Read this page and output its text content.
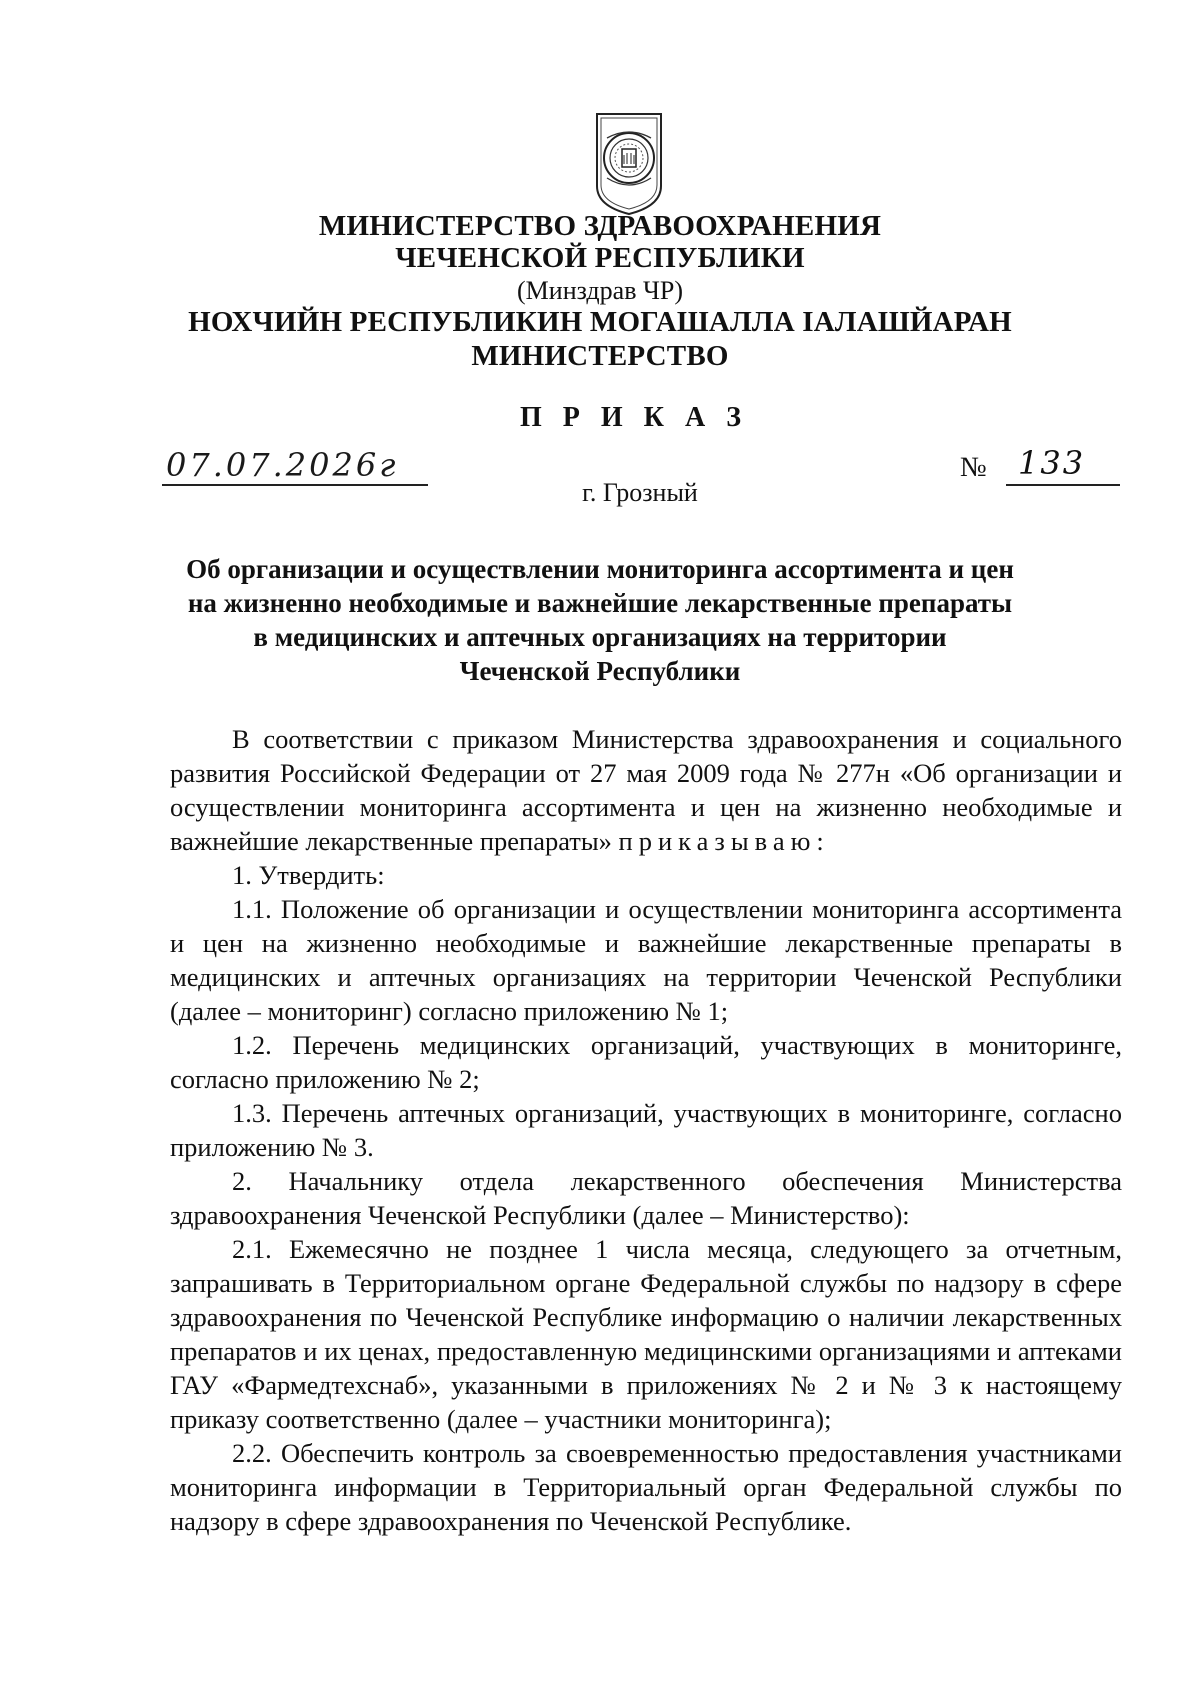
МИНИСТЕРСТВО ЗДРАВООХРАНЕНИЯ
ЧЕЧЕНСКОЙ РЕСПУБЛИКИ
(Минздрав ЧР)
НОХЧИЙН РЕСПУБЛИКИН МОГАШАЛЛА ІАЛАШЙАРАН
МИНИСТЕРСТВО
П Р И К А З
07.07.2026г	№ 133
г. Грозный
Об организации и осуществлении мониторинга ассортимента и цен
на жизненно необходимые и важнейшие лекарственные препараты
в медицинских и аптечных организациях на территории
Чеченской Республики

В соответствии с приказом Министерства здравоохранения и социального развития Российской Федерации от 27 мая 2009 года № 277н «Об организации и осуществлении мониторинга ассортимента и цен на жизненно необходимые и важнейшие лекарственные препараты» приказываю:

1. Утвердить:

1.1. Положение об организации и осуществлении мониторинга ассортимента и цен на жизненно необходимые и важнейшие лекарственные препараты в медицинских и аптечных организациях на территории Чеченской Республики (далее – мониторинг) согласно приложению № 1;

1.2. Перечень медицинских организаций, участвующих в мониторинге, согласно приложению № 2;

1.3. Перечень аптечных организаций, участвующих в мониторинге, согласно приложению № 3.

2. Начальнику отдела лекарственного обеспечения Министерства здравоохранения Чеченской Республики (далее – Министерство):

2.1. Ежемесячно не позднее 1 числа месяца, следующего за отчетным, запрашивать в Территориальном органе Федеральной службы по надзору в сфере здравоохранения по Чеченской Республике информацию о наличии лекарственных препаратов и их ценах, предоставленную медицинскими организациями и аптеками ГАУ «Фармедтехснаб», указанными в приложениях № 2 и № 3 к настоящему приказу соответственно (далее – участники мониторинга);

2.2. Обеспечить контроль за своевременностью предоставления участниками мониторинга информации в Территориальный орган Федеральной службы по надзору в сфере здравоохранения по Чеченской Республике.
